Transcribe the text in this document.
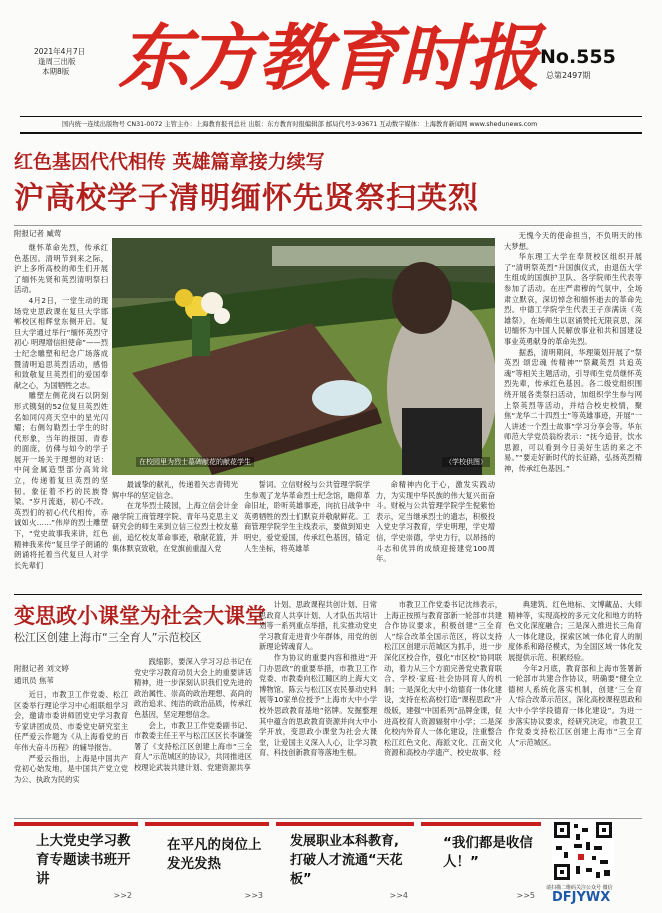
2021年4月7日
逢周三出版
本期8版 东方教育时报 No.555
总第2497期
国内统一连续出版物号 CN31-0072 主管主办：上海教育报刊总社 出版：东方教育时报编辑部 邮局代号3-93671 互动数字媒体：上海教育新闻网 www.shedunews.com
红色基因代代相传 英雄篇章接力续写
沪高校学子清明缅怀先贤祭扫英烈
附报记者 臧莺

继怀革命先烈，传承红色基因。清明节到来之际，沪上多所高校的师生们开展了缅怀先贤和英烈清明祭扫活动。

4月2日，一堂生动的现场党史思政课在复旦大学邯郸校区相辉堂东侧开启。复旦大学通过举行“缅怀英烈守初心 明理增信担使命”——烈士纪念雕塑和纪念广场落成暨清明追思英烈活动，感悟和致敬复旦英烈们的爱国奉献之心，为国牺牲之志。

雕塑左侧花岗石以阴刻形式镌刻的52位复旦英烈姓名如同闪亮天空中的星光闪耀；右侧勾勒烈士学生的时代形象，当年的报国、青春的面庞，仿佛与如今的学子展开一场关于理想的对话：中间金属造型部分高耸耸立，传递着复旦英烈的坚韧。象征着不朽的民族脊梁。“岁月流逝，初心不改。英烈们的初心代代相传，赤诚如火……”伟岸的烈士雕塑下，“党史故事我来讲，红色精神我来传”复旦学子朗诵的朗诵将托着当代复旦人对学长先辈们

在校园里为烈士墓碑献花的献花学生	（学校供图）

最诚挚的献礼，传递着矢志青铸光辉中华的坚定信念。

在龙华烈士陵园，上海立信会计金融学院工商管理学院、青年马克思主义研究会的师生来到立信三位烈士校友墓前，追忆校友革命事迹，敬献花篮，并集体默哀致敬，在党旗前重温入党

誓词。立信财税与公共管理学院学生参观了龙华革命烈士纪念馆，瞻仰革命旧址，聆听英雄事迹，向抗日战争中英勇牺牲的烈士们默哀并敬献鲜花。工商管理学院学生主线表示，要做到知史明史，爱党爱国，传承红色基因，锚定人生坐标，将英雄革

命精神内化于心，激发实践动力，为实现中华民族的伟大复兴而奋斗。财税与公共管理学院学生倪紫怡表示，定当继承烈士的遗志，积极投入党史学习教育，学史明理，学史增信，学史崇德，学史力行，以昂扬的斗志和优异的成绩迎接建党100周年。

无愧今天的使命担当，不负明天的伟大梦想。

华东理工大学在奉贤校区组织开展了“清明祭英烈”升国旗仪式，由退伍大学生组成的国旗护卫队、各学院师生代表等参加了活动。在庄严肃穆的气氛中，全场肃立默哀，深切悼念和缅怀逝去的革命先烈。中德工学院学生代表王子彦满读《英雄祭》，在场师生以讴诵赞托无限哀思，深切缅怀为中国人民解放事业和共和国建设事业英勇献身的革命先烈。

据悉，清明期间，华理策划开展了“祭英烈 颂忠魂 传精神”“祭藏英烈 共追英魂”等相关主题活动，引导师生党员继怀英烈先辈，传承红色基因。各二级党组织围绕开展各类祭扫活动，加组织学生参与网上祭英烈等活动，并结合校史校情，聚焦“龙华二十四烈士”等英雄事迹，开展“一人讲述一个烈士故事”学习分享会等。华东师范大学党员翁纷表示：“抚今追昔，饮水思源，可以看到今日美好生活的来之不易。”“要走好新时代的长征路，弘扬英烈精神，传承红色基因。”

变思政小课堂为社会大课堂
松江区创建上海市“三全育人”示范校区
附报记者 刘文婷
通讯员 焦苇

近日，市教卫工作党委、松江区委举行理论学习中心组联组学习会，邀请市委讲师团党史学习教育专家讲团成员、市委党史研究室主任严爱云作题为《从上海看党的百年伟大奋斗历程》的辅导报告。

严爱云指出，上海是中国共产党初心始发地，是中国共产党立党为公、执政为民的实

践缩影，要深入学习习总书记在党史学习教育动员大会上的重要讲话精神，进一步深刻认识我们党先进的政治属性、崇高的政治理想、高尚的政治追求、纯洁的政治品质，传承红色基因，坚定理想信念。

会上，市教卫工作党委副书记、市教委主任王平与松江区区长李谦签署了《支持松江区创建上海市“三全育人”示范城区的协议》，共同推进区校理论武装共建计划、党建资源共享

计划、思政课程共创计划、日常思政育人共享计划、人才队伍共培计划等一系列重点举措，扎实推动党史学习教育走进青少年群体，用党的创新理论铸魂育人。

作为协议的重要内容和推进“开门办思政”的重要举措，市教卫工作党委、市教委向松江瞳区的上海大文博物馆、陈云与松江区农民暴动史料展等10家单位授予“上海市大中小学校外思政教育基地”铭牌。发掘整理其中蕴含的思政教育资源并向大中小学开放，变思政小课堂为社会大课堂，让爱国主义深入人心，让学习教育、科技创新教育等落地生根。

市教卫工作党委书记沈炜表示，上海正按照与教育部新一轮部市共建合作协议要求，积极创建“三全育人”综合改革全国示范区，将以支持松江区创建示范城区为抓手，进一步深化区校合作，强化“市区校”协同联动，着力从三个方面完善党史教育联合、学校·家庭·社会协同育人的机制；一是深化大中小幼德育一体化建设，支持在松高校打造“课程思政”升级版，建强“中国系列”品牌金课，促进高校育人资源辐射中小学；二是深化校内外育人一体化建设，注重整合松江红色文化、海派文化、江南文化资源和高校办学遗产、校史故事、经

典建筑、红色地标、文博藏品、大师精神等，实现高校的多元文化和地方的特色文化深度融合；三是深入推进长三角育人一体化建设，探索区域一体化育人的制度体系和路径模式，为全国区域一体化发展提供示范、积累经验。

今年2月底，教育部和上海市签署新一轮部市共建合作协议，明确要“健全立德树人系统化落实机制，创建‘三全育人’综合改革示范区，深化高校课程思政和大中小学学段德育一体化建设”。为进一步落实协议要求，经研究决定，市教卫工作党委支持松江区创建上海市“三全育人”示范城区。

上大党史学习教育专题读书班开讲
>>2
在平凡的岗位上发光发热
>>3
发展职业本科教育,打破人才流通“天花板”
>>4
“我们都是收信人！”
>>5
请扫描二维码关注公众号 微信
DFJYWX
